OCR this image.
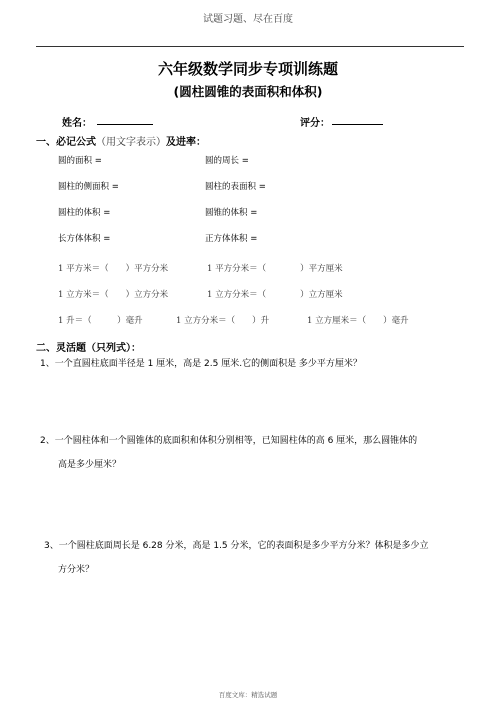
试题习题、尽在百度
六年级数学同步专项训练题
(圆柱圆锥的表面积和体积)
姓名：	评分：
一、必记公式（用文字表示）及进率：
圆的面积 =	圆的周长 =
圆柱的侧面积 =	圆柱的表面积 =
圆柱的体积 =	圆锥的体积 =
长方体体积 =	正方体体积 =
1 平方米＝（　　）平方分米	1 平方分米＝（　　　　）平方厘米
1 立方米＝（　　）立方分米	1 立方分米＝（　　　　）立方厘米
1 升＝（　　　）毫升	1 立方分米＝（　　）升	1 立方厘米＝（　　）毫升
二、灵活题（只列式）：
1、一个直圆柱底面半径是 1 厘米，高是 2.5 厘米.它的侧面积是 多少平方厘米？
2、一个圆柱体和一个圆锥体的底面积和体积分别相等，已知圆柱体的高 6 厘米，那么圆锥体的
高是多少厘米？
3、一个圆柱底面周长是 6.28 分米，高是 1.5 分米，它的表面积是多少平方分米？体积是多少立
方分米？
百度文库：精选试题
